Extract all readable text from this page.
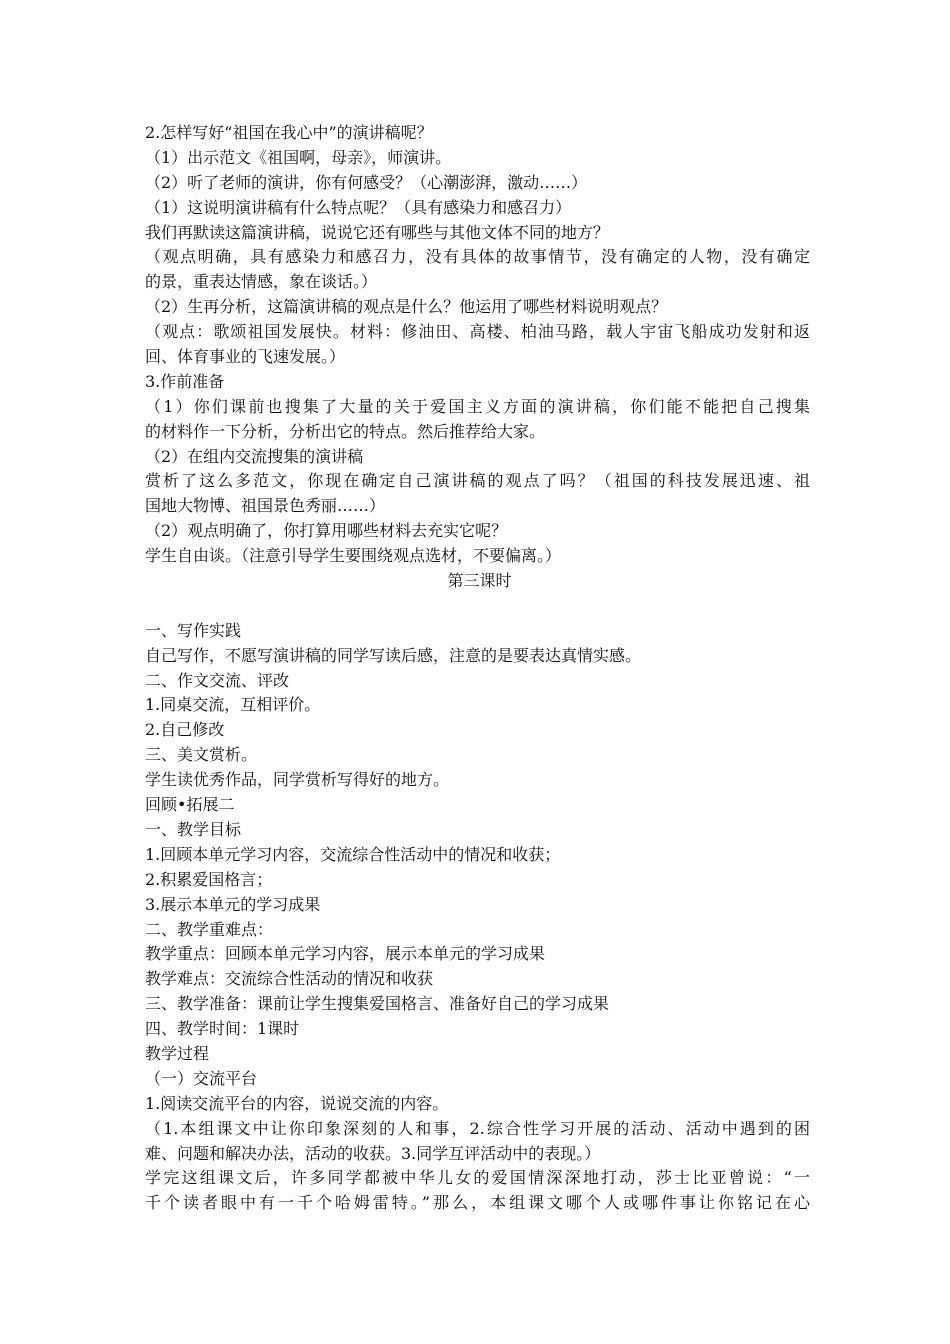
2.怎样写好“祖国在我心中”的演讲稿呢？
（1）出示范文《祖国啊，母亲》，师演讲。
（2）听了老师的演讲，你有何感受？（心潮澎湃，激动……）
（1）这说明演讲稿有什么特点呢？（具有感染力和感召力）
我们再默读这篇演讲稿，说说它还有哪些与其他文体不同的地方？
（观点明确，具有感染力和感召力，没有具体的故事情节，没有确定的人物，没有确定
的景，重表达情感，象在谈话。）
（2）生再分析，这篇演讲稿的观点是什么？他运用了哪些材料说明观点？
（观点：歌颂祖国发展快。材料：修油田、高楼、柏油马路，载人宇宙飞船成功发射和返
回、体育事业的飞速发展。）
3.作前准备
（1）你们课前也搜集了大量的关于爱国主义方面的演讲稿，你们能不能把自己搜集
的材料作一下分析，分析出它的特点。然后推荐给大家。
（2）在组内交流搜集的演讲稿
赏析了这么多范文，你现在确定自己演讲稿的观点了吗？（祖国的科技发展迅速、祖
国地大物博、祖国景色秀丽……）
（2）观点明确了，你打算用哪些材料去充实它呢？
学生自由谈。（注意引导学生要围绕观点选材，不要偏离。）
第三课时
一、写作实践
自己写作，不愿写演讲稿的同学写读后感，注意的是要表达真情实感。
二、作文交流、评改
1.同桌交流，互相评价。
2.自己修改
三、美文赏析。
学生读优秀作品，同学赏析写得好的地方。
回顾•拓展二
一、教学目标
1.回顾本单元学习内容，交流综合性活动中的情况和收获；
2.积累爱国格言；
3.展示本单元的学习成果
二、教学重难点：
教学重点：回顾本单元学习内容，展示本单元的学习成果
教学难点：交流综合性活动的情况和收获
三、教学准备：课前让学生搜集爱国格言、准备好自己的学习成果
四、教学时间：1课时
教学过程
（一）交流平台
1.阅读交流平台的内容，说说交流的内容。
（1.本组课文中让你印象深刻的人和事，2.综合性学习开展的活动、活动中遇到的困
难、问题和解决办法，活动的收获。3.同学互评活动中的表现。）
学完这组课文后，许多同学都被中华儿女的爱国情深深地打动，莎士比亚曾说：“一
千个读者眼中有一千个哈姆雷特。”那么，本组课文哪个人或哪件事让你铭记在心
